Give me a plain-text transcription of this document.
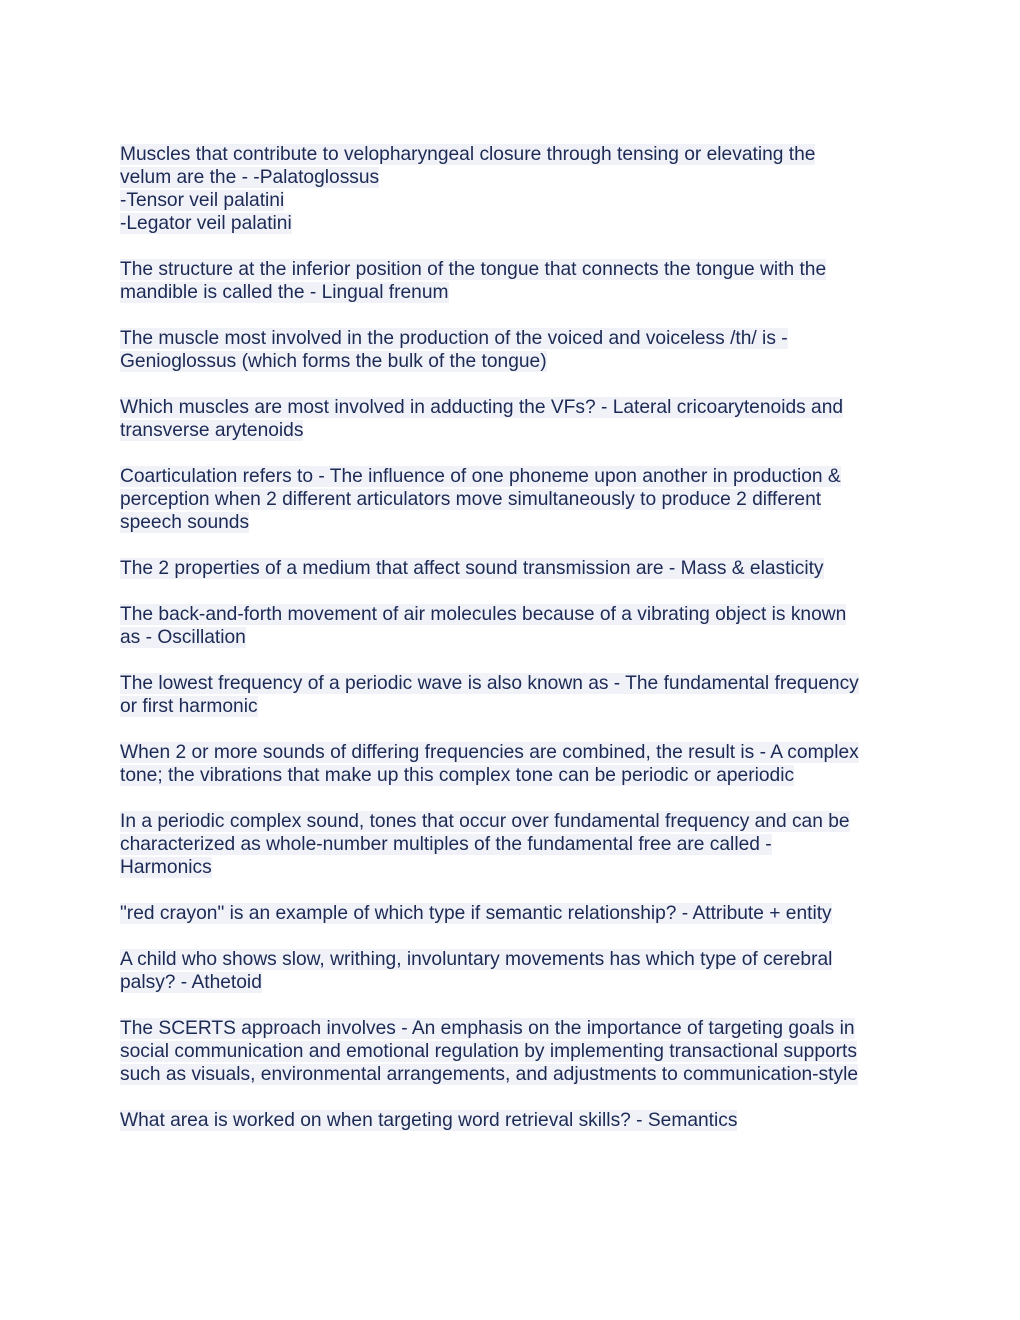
Muscles that contribute to velopharyngeal closure through tensing or elevating the
velum are the - -Palatoglossus
-Tensor veil palatini
-Legator veil palatini
The structure at the inferior position of the tongue that connects the tongue with the
mandible is called the - Lingual frenum
The muscle most involved in the production of the voiced and voiceless /th/ is -
Genioglossus (which forms the bulk of the tongue)
Which muscles are most involved in adducting the VFs? - Lateral cricoarytenoids and
transverse arytenoids
Coarticulation refers to - The influence of one phoneme upon another in production &
perception when 2 different articulators move simultaneously to produce 2 different
speech sounds
The 2 properties of a medium that affect sound transmission are - Mass & elasticity
The back-and-forth movement of air molecules because of a vibrating object is known
as - Oscillation
The lowest frequency of a periodic wave is also known as - The fundamental frequency
or first harmonic
When 2 or more sounds of differing frequencies are combined, the result is - A complex
tone; the vibrations that make up this complex tone can be periodic or aperiodic
In a periodic complex sound, tones that occur over fundamental frequency and can be
characterized as whole-number multiples of the fundamental free are called -
Harmonics
"red crayon" is an example of which type if semantic relationship? - Attribute + entity
A child who shows slow, writhing, involuntary movements has which type of cerebral
palsy? - Athetoid
The SCERTS approach involves - An emphasis on the importance of targeting goals in
social communication and emotional regulation by implementing transactional supports
such as visuals, environmental arrangements, and adjustments to communication-style
What area is worked on when targeting word retrieval skills? - Semantics
